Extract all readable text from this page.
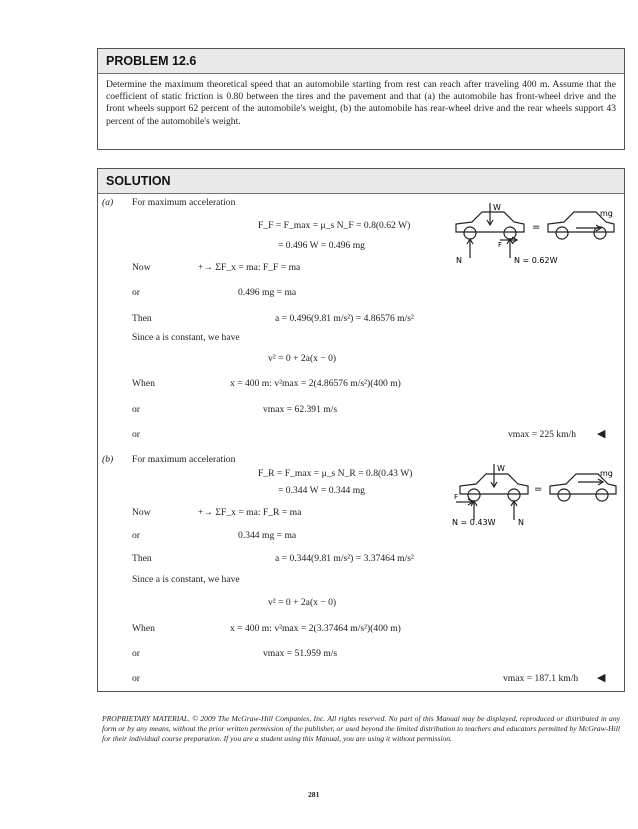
PROBLEM 12.6
Determine the maximum theoretical speed that an automobile starting from rest can reach after traveling 400 m. Assume that the coefficient of static friction is 0.80 between the tires and the pavement and that (a) the automobile has front-wheel drive and the front wheels support 62 percent of the automobile's weight, (b) the automobile has rear-wheel drive and the rear wheels support 43 percent of the automobile's weight.
SOLUTION
(a) For maximum acceleration
F_F = F_max = μ_s N_F = 0.8(0.62 W)
= 0.496 W = 0.496 mg
Now	+→ ΣF_x = ma: F_F = ma
or	0.496 mg = ma
Then	a = 0.496(9.81 m/s²) = 4.86576 m/s²
Since a is constant, we have
v² = 0 + 2a(x − 0)
When	x = 400 m: v²max = 2(4.86576 m/s²)(400 m)
or	vmax = 62.391 m/s
or	vmax = 225 km/h ◀
W
F
N	N = 0.62W
=
mg
(b) For maximum acceleration
F_R = F_max = μ_s N_R = 0.8(0.43 W)
= 0.344 W = 0.344 mg
Now	+→ ΣF_x = ma: F_R = ma
or	0.344 mg = ma
Then	a = 0.344(9.81 m/s²) = 3.37464 m/s²
Since a is constant, we have
v² = 0 + 2a(x − 0)
When	x = 400 m: v²max = 2(3.37464 m/s²)(400 m)
or	vmax = 51.959 m/s
or	vmax = 187.1 km/h ◀
W
F
N = 0.43W	N
=
mg
PROPRIETARY MATERIAL. © 2009 The McGraw-Hill Companies, Inc. All rights reserved. No part of this Manual may be displayed, reproduced or distributed in any form or by any means, without the prior written permission of the publisher, or used beyond the limited distribution to teachers and educators permitted by McGraw-Hill for their individual course preparation. If you are a student using this Manual, you are using it without permission.
281
